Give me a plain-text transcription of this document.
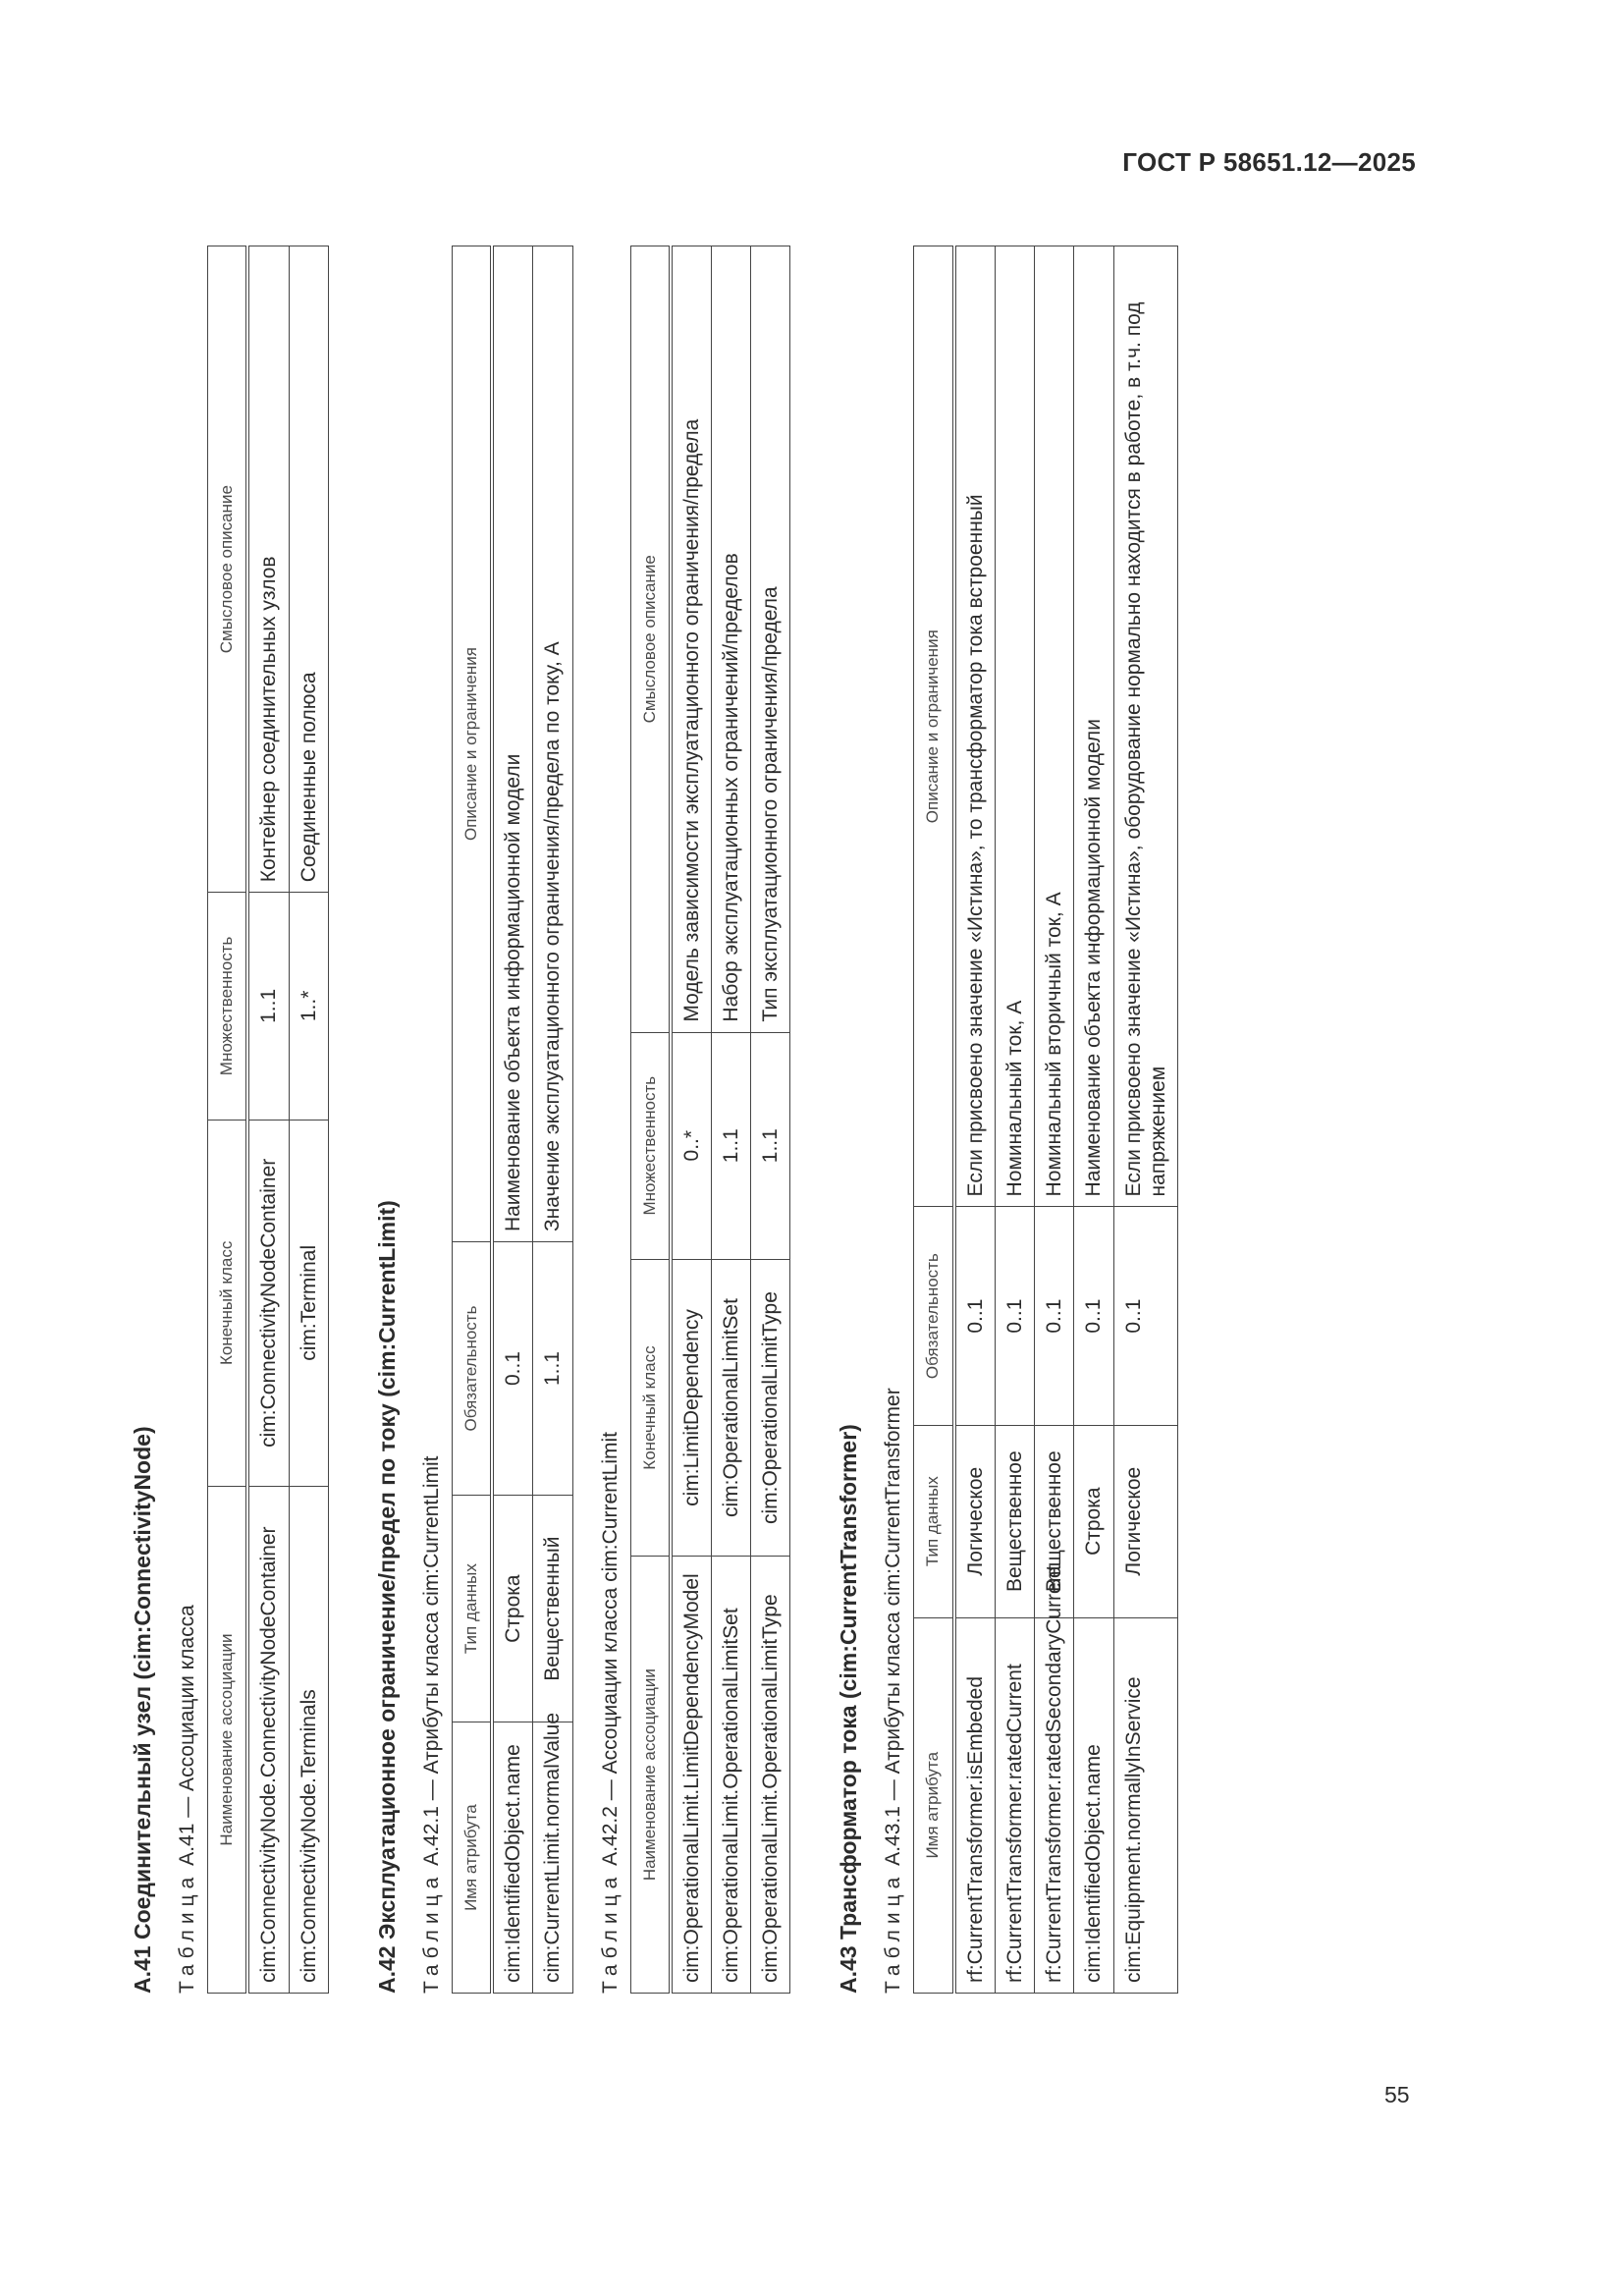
ГОСТ Р 58651.12—2025
55
А.41 Соединительный узел (cim:ConnectivityNode) Таблица А.41 — Ассоциации класса Наименование ассоциации	Конечный класс	Множественность	Смысловое описание
cim:ConnectivityNode.ConnectivityNodeContainer	cim:ConnectivityNodeContainer	1..1	Контейнер соединительных узлов
cim:ConnectivityNode.Terminals	cim:Terminal	1..*	Соединенные полюса
А.42 Эксплуатационное ограничение/предел по току (cim:CurrentLimit) Таблица А.42.1 — Атрибуты класса cim:CurrentLimit Имя атрибута	Тип данных	Обязательность	Описание и ограничения
cim:IdentifiedObject.name	Строка	0..1	Наименование объекта информационной модели
cim:CurrentLimit.normalValue	Вещественный	1..1	Значение эксплуатационного ограничения/предела по току, А
Таблица А.42.2 — Ассоциации класса cim:CurrentLimit Наименование ассоциации	Конечный класс	Множественность	Смысловое описание
cim:OperationalLimit.LimitDependencyModel	cim:LimitDependency	0..*	Модель зависимости эксплуатационного ограничения/предела
cim:OperationalLimit.OperationalLimitSet	cim:OperationalLimitSet	1..1	Набор эксплуатационных ограничений/пределов
cim:OperationalLimit.OperationalLimitType	cim:OperationalLimitType	1..1	Тип эксплуатационного ограничения/предела
А.43 Трансформатор тока (cim:CurrentTransformer) Таблица А.43.1 — Атрибуты класса cim:CurrentTransformer Имя атрибута	Тип данных	Обязательность	Описание и ограничения
rf:CurrentTransformer.isEmbeded	Логическое	0..1	Если присвоено значение «Истина», то трансформатор тока встроенный
rf:CurrentTransformer.ratedCurrent	Вещественное	0..1	Номинальный ток, А
rf:CurrentTransformer.ratedSecondaryCurrent	Вещественное	0..1	Номинальный вторичный ток, А
cim:IdentifiedObject.name	Строка	0..1	Наименование объекта информационной модели
cim:Equipment.normallyInService	Логическое	0..1	Если присвоено значение «Истина», оборудование нормально находится в работе, в т.ч. под напряжением
